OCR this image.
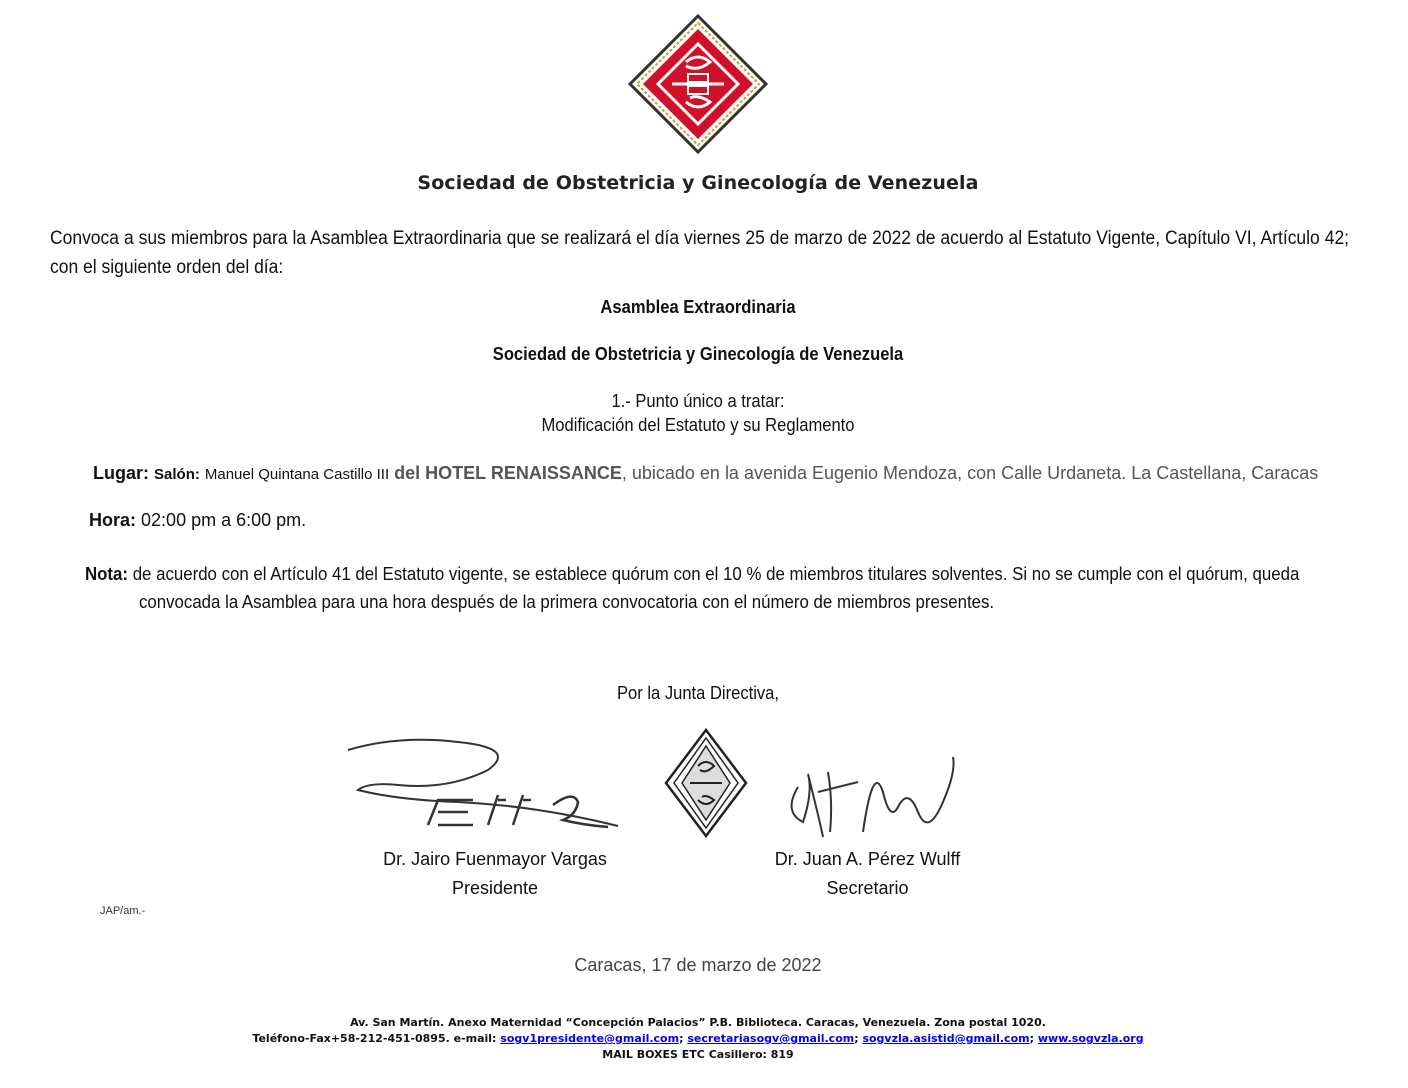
Sociedad de Obstetricia y Ginecología de Venezuela
Convoca a sus miembros para la Asamblea Extraordinaria que se realizará el día viernes 25 de marzo de 2022 de acuerdo al Estatuto Vigente, Capítulo VI, Artículo 42; con el siguiente orden del día:
Asamblea Extraordinaria
Sociedad de Obstetricia y Ginecología de Venezuela
1.- Punto único a tratar:
Modificación del Estatuto y su Reglamento
Lugar: Salón: Manuel Quintana Castillo III del HOTEL RENAISSANCE, ubicado en la avenida Eugenio Mendoza, con Calle Urdaneta. La Castellana, Caracas
Hora: 02:00 pm a 6:00 pm.
Nota: de acuerdo con el Artículo 41 del Estatuto vigente, se establece quórum con el 10 % de miembros titulares solventes. Si no se cumple con el quórum, queda
convocada la Asamblea para una hora después de la primera convocatoria con el número de miembros presentes.
Por la Junta Directiva,
Dr. Jairo Fuenmayor Vargas
Presidente
Dr. Juan A. Pérez Wulff
Secretario
JAP/am.-
Caracas, 17 de marzo de 2022
Av. San Martín. Anexo Maternidad “Concepción Palacios” P.B. Biblioteca. Caracas, Venezuela. Zona postal 1020.
Teléfono-Fax+58-212-451-0895. e-mail: sogv1presidente@gmail.com; secretariasogv@gmail.com; sogvzla.asistid@gmail.com; www.sogvzla.org
MAIL BOXES ETC Casillero: 819
